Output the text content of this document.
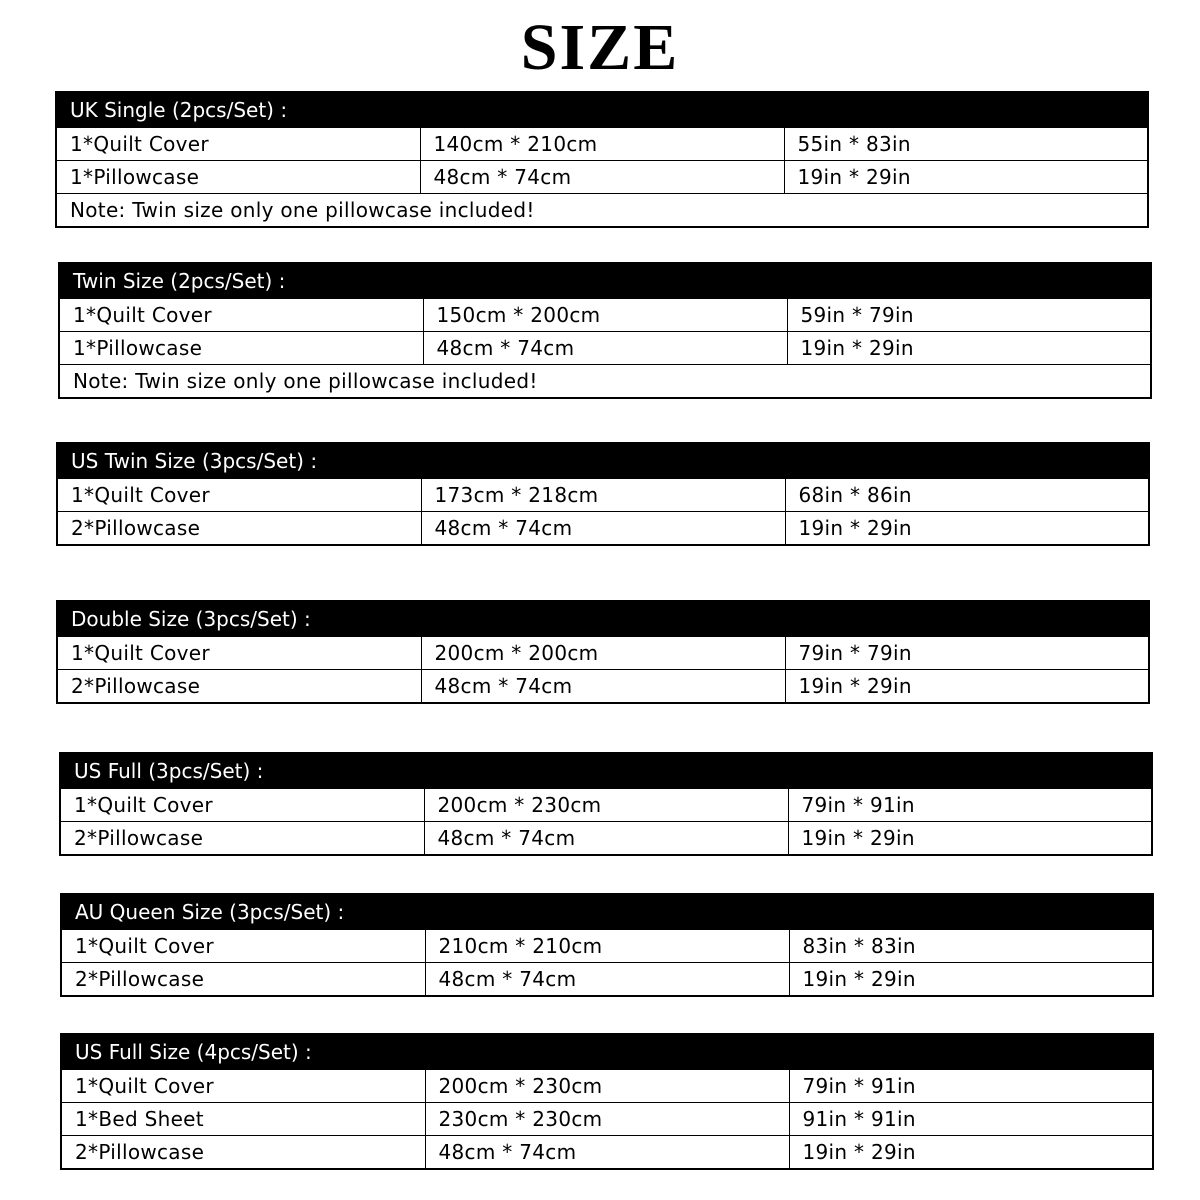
SIZE
UK Single (2pcs/Set) :		
1*Quilt Cover	140cm * 210cm	55in * 83in
1*Pillowcase	48cm * 74cm	19in * 29in
Note: Twin size only one pillowcase included!		
Twin Size (2pcs/Set) :		
1*Quilt Cover	150cm * 200cm	59in * 79in
1*Pillowcase	48cm * 74cm	19in * 29in
Note: Twin size only one pillowcase included!		
US Twin Size (3pcs/Set) :		
1*Quilt Cover	173cm * 218cm	68in * 86in
2*Pillowcase	48cm * 74cm	19in * 29in
Double Size (3pcs/Set) :		
1*Quilt Cover	200cm * 200cm	79in * 79in
2*Pillowcase	48cm * 74cm	19in * 29in
US Full (3pcs/Set) :		
1*Quilt Cover	200cm * 230cm	79in * 91in
2*Pillowcase	48cm * 74cm	19in * 29in
AU Queen Size (3pcs/Set) :		
1*Quilt Cover	210cm * 210cm	83in * 83in
2*Pillowcase	48cm * 74cm	19in * 29in
US Full Size (4pcs/Set) :		
1*Quilt Cover	200cm * 230cm	79in * 91in
1*Bed Sheet	230cm * 230cm	91in * 91in
2*Pillowcase	48cm * 74cm	19in * 29in
